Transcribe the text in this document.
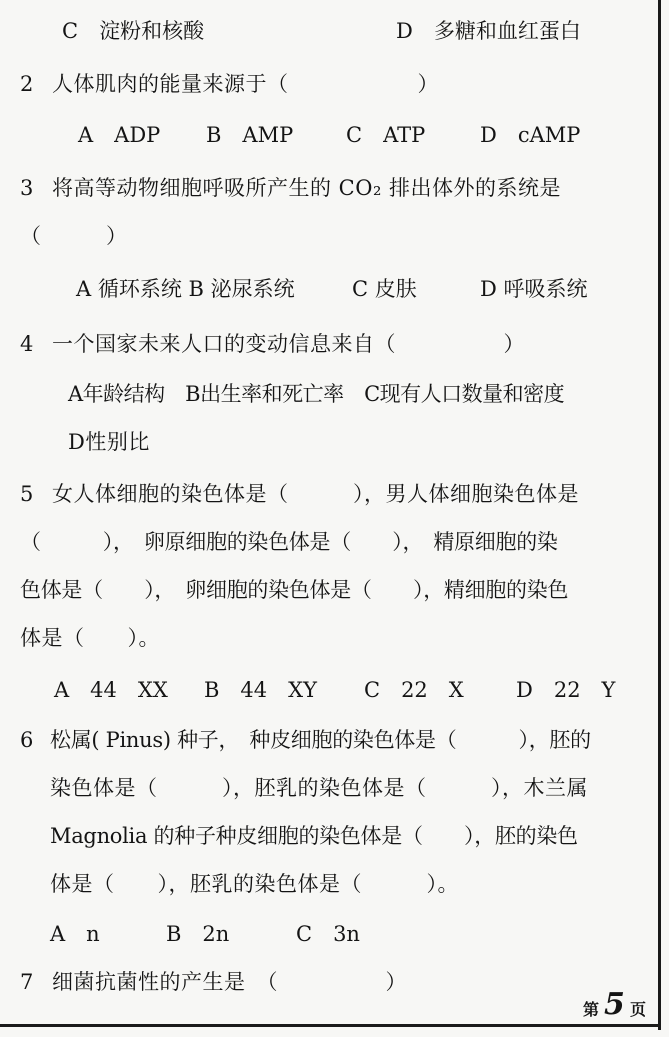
C　淀粉和核酸	D　多糖和血红蛋白
2 人体肌肉的能量来源于（　　　　　　）
A　ADP B　AMP	C　ATP	D　cAMP
3 将高等动物细胞呼吸所产生的 CO₂ 排出体外的系统是
（　　　）
A 循环系统 B 泌尿系统	C 皮肤	D 呼吸系统
4 一个国家未来人口的变动信息来自（　　　　　）
A年龄结构　B出生率和死亡率　C现有人口数量和密度
D性别比
5 女人体细胞的染色体是（　　　），男人体细胞染色体是
（　　　），　卵原细胞的染色体是（　　），　精原细胞的染
色体是（　　），　卵细胞的染色体是（　　），精细胞的染色
体是（　　）。
A　44　XX B　44　XY C　22　X D　22　Y
6 松属( Pinus) 种子，　种皮细胞的染色体是（　　　），胚的
染色体是（　　　），胚乳的染色体是（　　　），木兰属
Magnolia 的种子种皮细胞的染色体是（　　），胚的染色
体是（　　），胚乳的染色体是（　　　）。
A　n	B　2n	C　3n
7 细菌抗菌性的产生是　（　　　　　）
第 5 页
